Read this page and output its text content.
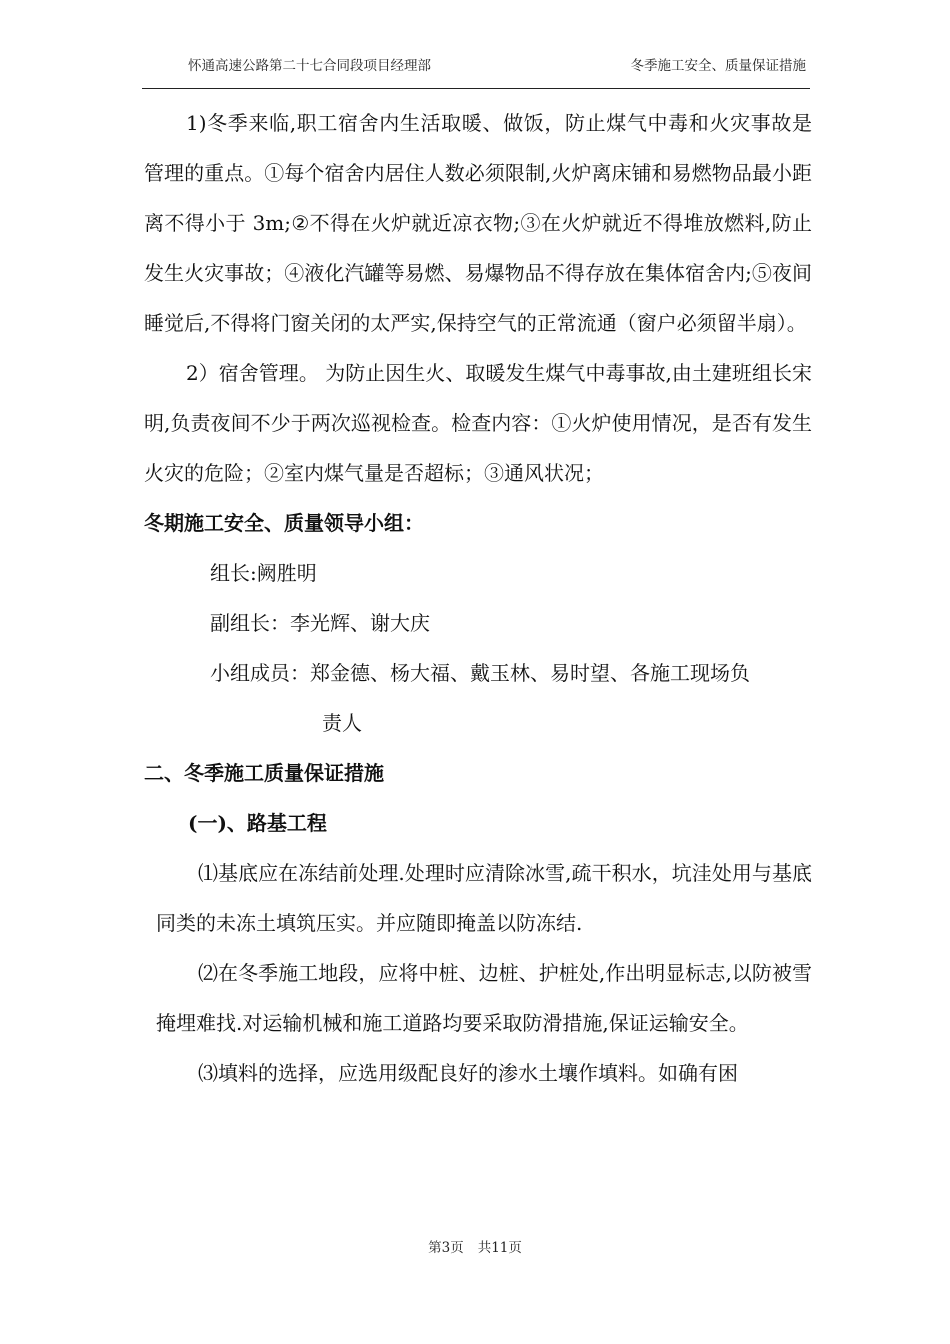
怀通高速公路第二十七合同段项目经理部	冬季施工安全、质量保证措施

1)冬季来临,职工宿舍内生活取暖、做饭，防止煤气中毒和火灾事故是管理的重点。①每个宿舍内居住人数必须限制,火炉离床铺和易燃物品最小距离不得小于 3m;②不得在火炉就近凉衣物;③在火炉就近不得堆放燃料,防止发生火灾事故；④液化汽罐等易燃、易爆物品不得存放在集体宿舍内;⑤夜间睡觉后,不得将门窗关闭的太严实,保持空气的正常流通（窗户必须留半扇）。

2）宿舍管理。 为防止因生火、取暖发生煤气中毒事故,由土建班组长宋明,负责夜间不少于两次巡视检查。检查内容：①火炉使用情况，是否有发生火灾的危险；②室内煤气量是否超标；③通风状况；

冬期施工安全、质量领导小组：

组长:阙胜明

副组长：李光辉、谢大庆

小组成员：郑金德、杨大福、戴玉林、易时望、各施工现场负

责人

二、冬季施工质量保证措施

(一)、路基工程

⑴基底应在冻结前处理.处理时应清除冰雪,疏干积水，坑洼处用与基底同类的未冻土填筑压实。并应随即掩盖以防冻结.

⑵在冬季施工地段，应将中桩、边桩、护桩处,作出明显标志,以防被雪掩埋难找.对运输机械和施工道路均要采取防滑措施,保证运输安全。

⑶填料的选择，应选用级配良好的渗水土壤作填料。如确有困

第3页 共11页
